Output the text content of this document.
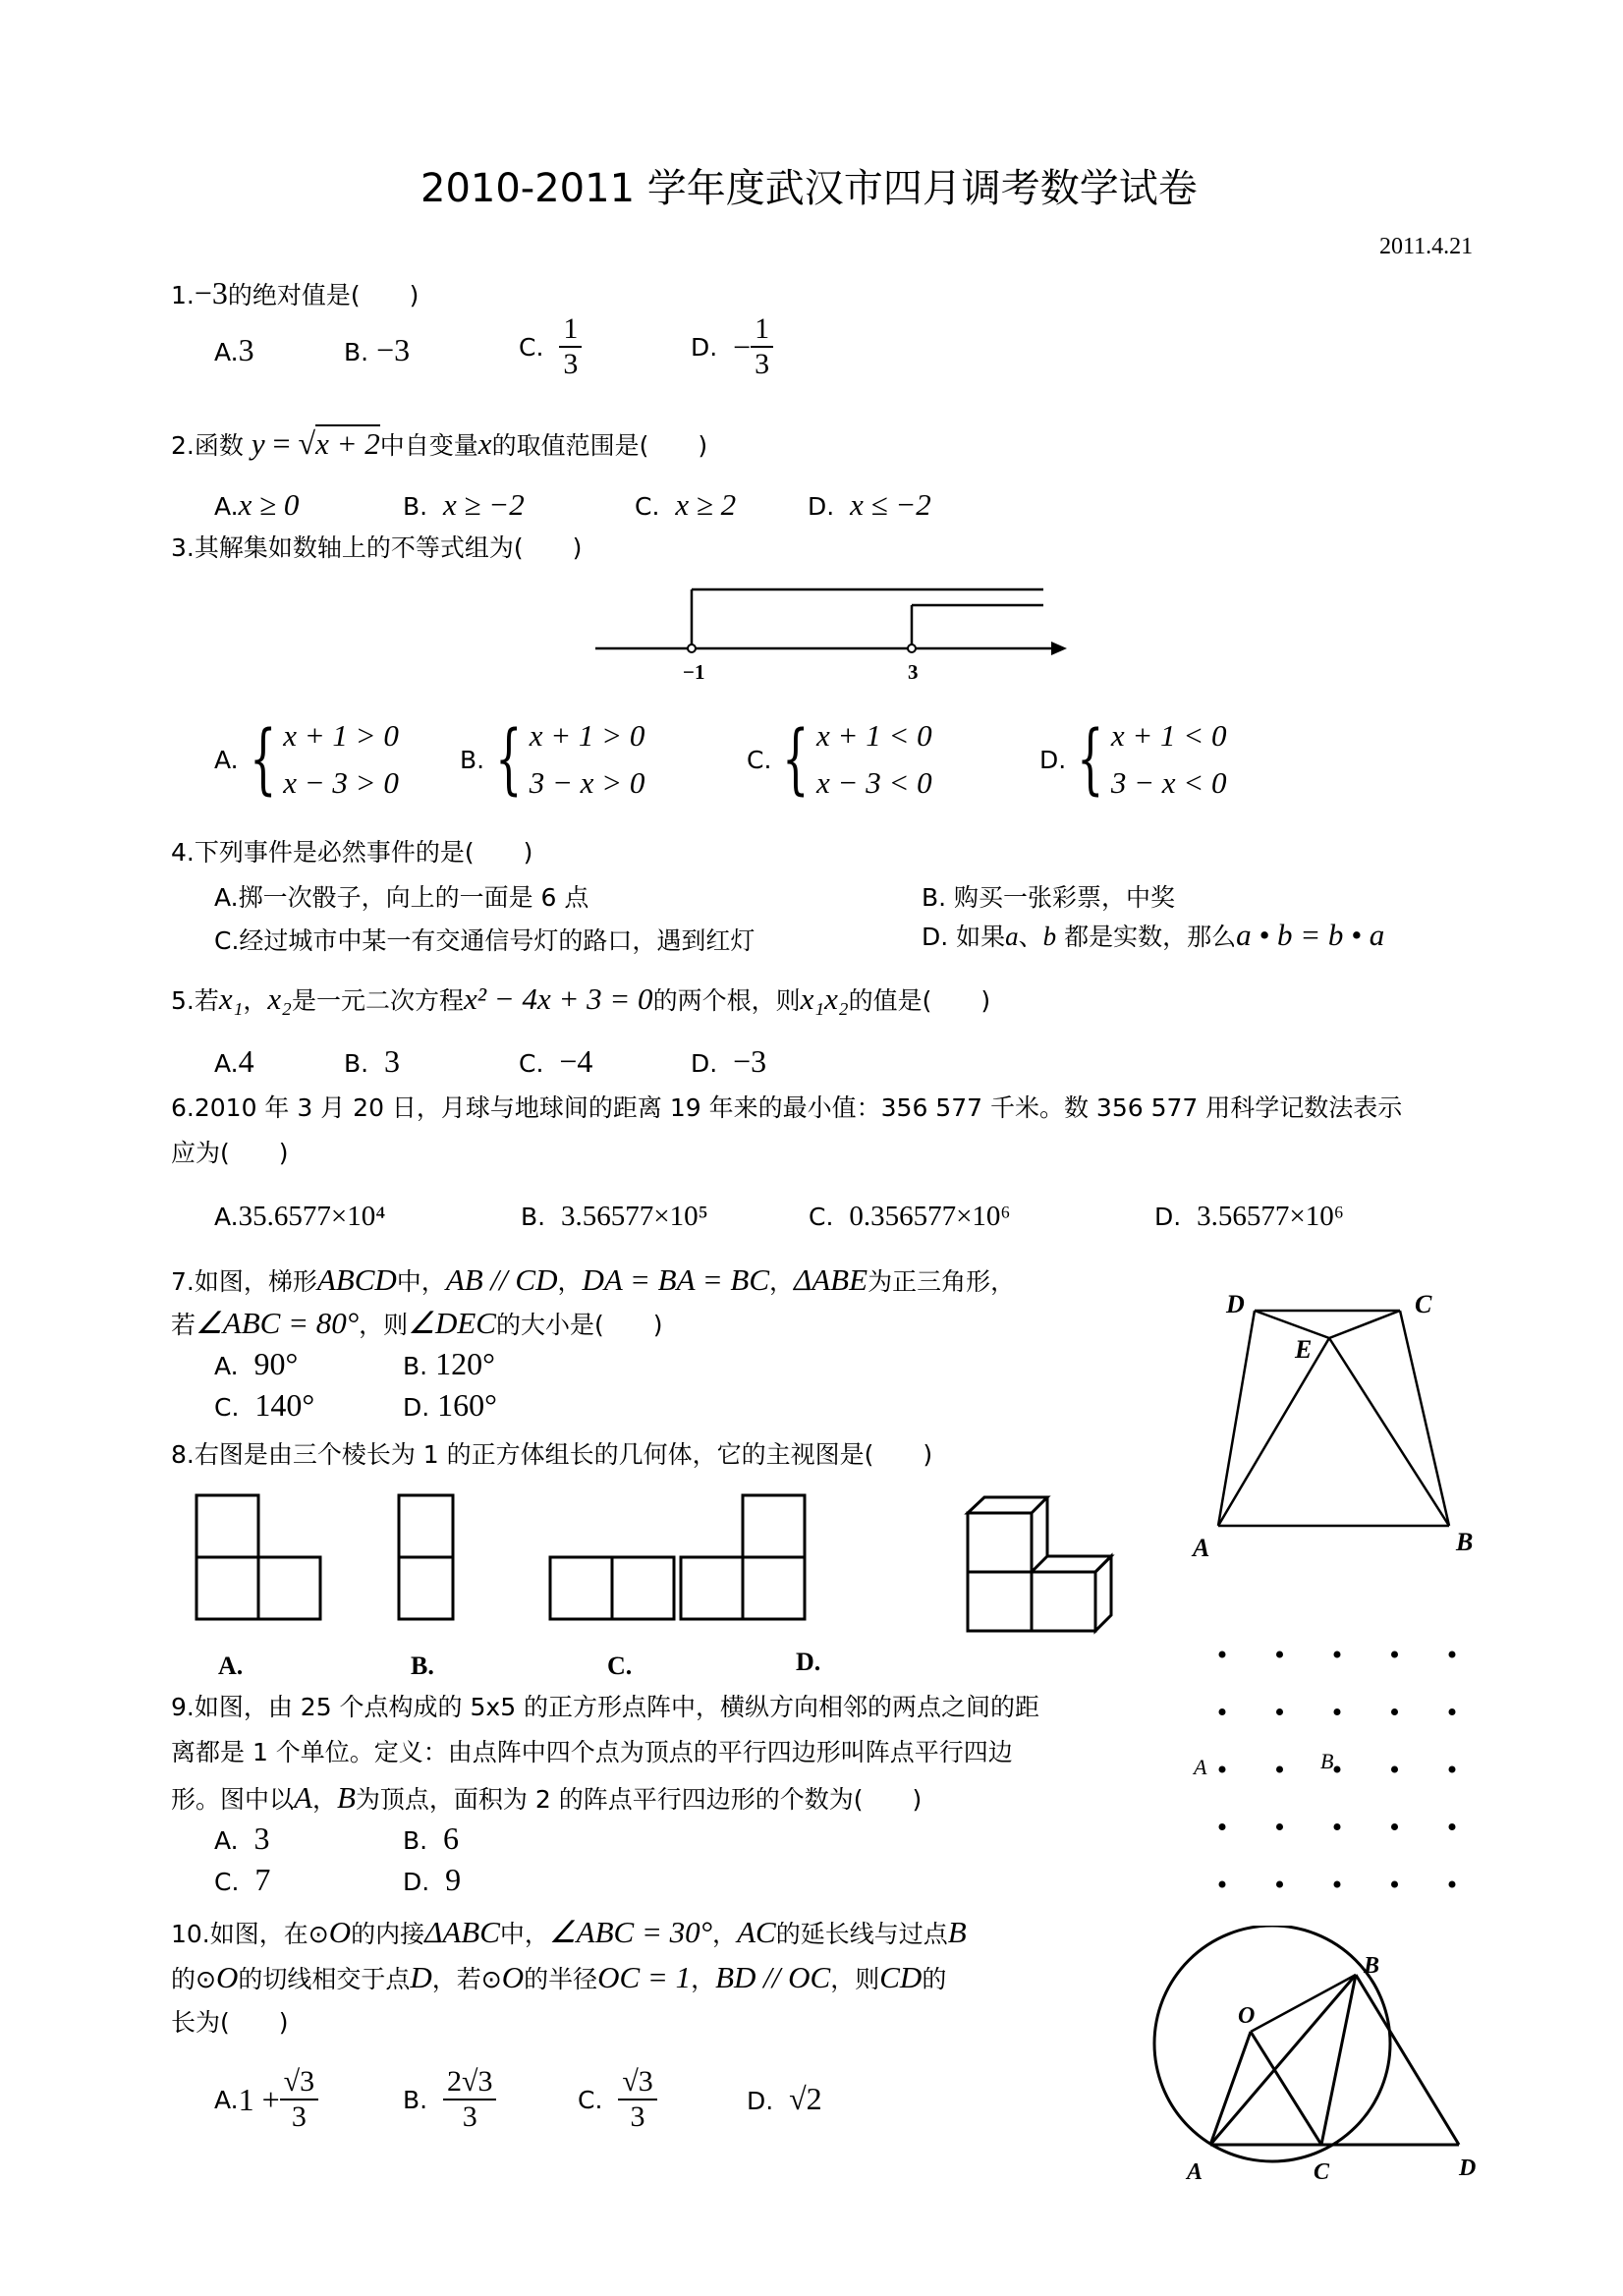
2010-2011 学年度武汉市四月调考数学试卷
2011.4.21
1.−3的绝对值是(　　)
A.3	B. −3	C.
$\frac{1}{3}$	D.
− $\frac{1}{3}$
2.函数 y = √x + 2中自变量x的取值范围是(　　)
A.x ≥ 0	B. x ≥ −2	C. x ≥ 2	D. x ≤ −2
3.其解集如数轴上的不等式组为(　　)
−1	3
A. { x + 1 > 0
x − 3 > 0
B. { x + 1 > 0
3 − x > 0
C. { x + 1 < 0
x − 3 < 0
D. { x + 1 < 0
3 − x < 0
4.下列事件是必然事件的是(　　)
A.掷一次骰子，向上的一面是 6 点	B. 购买一张彩票，中奖
C.经过城市中某一有交通信号灯的路口，遇到红灯	D. 如果a、b 都是实数，那么a • b = b • a
5.若x₁，x₂是一元二次方程x² − 4x + 3 = 0的两个根，则x₁x₂的值是(　　)
A.4	B. 3	C. −4	D. −3
6.2010 年 3 月 20 日，月球与地球间的距离 19 年来的最小值：356 577 千米。数 356 577 用科学记数法表示
应为(　　)
A.35.6577×10⁴	B. 3.56577×10⁵	C. 0.356577×10⁶	D. 3.56577×10⁶
7.如图，梯形ABCD中，AB // CD，DA = BA = BC，ΔABE为正三角形，
若∠ABC = 80°，则∠DEC的大小是(　　)
A. 90°	B. 120°
C. 140°	D. 160°
D	C
E
A	B
8.右图是由三个棱长为 1 的正方体组长的几何体，它的主视图是(　　)
A.	B.	C.	D.
9.如图，由 25 个点构成的 5x5 的正方形点阵中，横纵方向相邻的两点之间的距
离都是 1 个单位。定义：由点阵中四个点为顶点的平行四边形叫阵点平行四边
形。图中以A，B为顶点，面积为 2 的阵点平行四边形的个数为(　　)
A. 3	B. 6
C. 7	D. 9
A	B
10.如图，在⊙O的内接ΔABC中，∠ABC = 30°，AC的延长线与过点B
的⊙O的切线相交于点D，若⊙O的半径OC = 1，BD // OC，则CD的
长为(　　)
A. $1 + \frac{√3}{3}$	B.
$\frac{2√3}{3}$	C.
$\frac{√3}{3}$	D. √2
O
B
A	C	D
